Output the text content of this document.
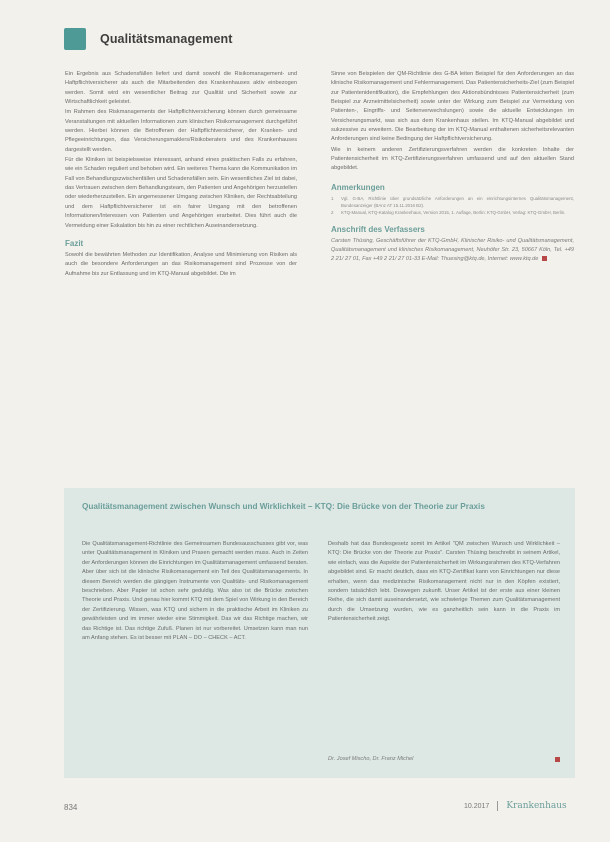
Qualitätsmanagement

Ein Ergebnis aus Schadensfällen liefert und damit sowohl die Risikomanagement- und Haftpflichtversicherer als auch die Mitarbeitenden des Krankenhauses aktiv einbezogen werden. Somit wird ein wesentlicher Beitrag zur Qualität und Sicherheit sowie zur Wirtschaftlichkeit geleistet.

Im Rahmen des Riskmanagements der Haftpflichtversicherung können durch gemeinsame Veranstaltungen mit aktuellen Informationen zum klinischen Risikomanagement durchgeführt werden. Hierbei können die Betroffenen der Haftpflichtversicherer, der Kranken- und Pflegeeinrichtungen, das Versicherungsmaklers/Risikoberaters und des Krankenhauses dargestellt werden.

Für die Kliniken ist beispielsweise interessant, anhand eines praktischen Falls zu erfahren, wie ein Schaden reguliert und behoben wird. Ein weiteres Thema kann die Kommunikation im Fall von Behandlungszwischenfällen und Schadensfällen sein. Ein wesentliches Ziel ist dabei, das Vertrauen zwischen dem Behandlungsteam, den Patienten und Angehörigen herzustellen oder wiederherzustellen. Ein angemessener Umgang zwischen Kliniken, der Rechtsabteilung und dem Haftpflichtversicherer ist ein fairer Umgang mit den betroffenen Informationen/Interessen von Patienten und Angehörigen erarbeitet. Dies führt auch die Vermeidung einer Eskalation bis hin zu einer rechtlichen Auseinandersetzung.

Fazit

Sowohl die bewährten Methoden zur Identifikation, Analyse und Minimierung von Risiken als auch die besondere Anforderungen an das Risikomanagement sind Prozesse von der Aufnahme bis zur Entlassung und im KTQ-Manual abgebildet. Die im

Sinne von Beispielen der QM-Richtlinie des G-BA leiten Beispiel für den Anforderungen an das klinische Risikomanagement und Fehlermanagement. Das Patientensicherheits-Ziel (zum Beispiel zur Patientenidentifikation), die Empfehlungen des Aktionsbündnisses Patientensicherheit (zum Beispiel zur Arzneimittelsicherheit) sowie unter der Wirkung zum Beispiel zur Vermeidung von Patienten-, Eingriffs- und Seitenverwechslungen) sowie die aktuelle Entwicklungen im Versicherungsmarkt, was sich aus dem Krankenhaus stellen. Im KTQ-Manual abgebildet und sukzessive zu erweitern. Die Bearbeitung der im KTQ-Manual enthaltenen sicherheitsrelevanten Anforderungen sind keine Bedingung der Haftpflichtversicherung.

Wie in keinem anderen Zertifizierungsverfahren werden die konkreten Inhalte der Patientensicherheit im KTQ-Zertifizierungsverfahren umfassend und auf den aktuellen Stand abgebildet.

Anmerkungen
1	Vgl. G-BA, Richtlinie über grundsätzliche Anforderungen an ein einrichtungsinternes Qualitätsmanagement, Bundesanzeiger (BAnz AT 15.11.2016 B2).
2	KTQ-Manual, KTQ-Katalog Krankenhaus, Version 2015, 1. Auflage, Berlin: KTQ-GmbH, Verlag: KTQ-GmbH, Berlin.
Anschrift des Verfassers
Carsten Thüsing, Geschäftsführer der KTQ-GmbH, Klinischer Risiko- und Qualitätsmanagement, Qualitätsmanagement und klinisches Risikomanagement, Neuhöfer Str. 23, 50667 Köln, Tel. +49 2 21/ 27 01, Fax +49 2 21/ 27 01-33 E-Mail: Thuesing@ktq.de, Internet: www.ktq.de
Qualitätsmanagement zwischen Wunsch und Wirklichkeit – KTQ: Die Brücke von der Theorie zur Praxis

Die Qualitätsmanagement-Richtlinie des Gemeinsamen Bundesausschusses gibt vor, was unter Qualitätsmanagement in Kliniken und Praxen gemacht werden muss. Auch in Zeiten der Anforderungen können die Einrichtungen im Qualitätsmanagement umfassend beraten. Aber über sich ist die klinische Risikomanagement ein Teil des Qualitätsmanagements. In diesem Bereich werden die gängigen Instrumente von Qualitäts- und Risikomanagement beschrieben. Aber Papier ist schon sehr geduldig. Was also ist die Brücke zwischen Theorie und Praxis. Und genau hier kommt KTQ mit dem Spiel von Wirkung in den Bereich der Zertifizierung. Wissen, was KTQ und sichern in die praktische Arbeit im Kliniken zu gewährleisten und im immer wieder eine Stimmigkeit. Das wir das Richtige machen, wir das Richtige ist. Das richtige Zufuß. Planen ist nur vorbereitet. Umsetzen kann man nun am Anfang stehen. Es ist besser mit PLAN – DO – CHECK – ACT.

Deshalb hat das Bundesgesetz somit im Artikel "QM zwischen Wunsch und Wirklichkeit – KTQ: Die Brücke von der Theorie zur Praxis". Carsten Thüsing beschreibt in seinem Artikel, wie einfach, was die Aspekte der Patientensicherheit im Wirkungsrahmen des KTQ-Verfahren abgebildet sind. Er macht deutlich, dass ein KTQ-Zertifikat kann von Einrichtungen nur diese erhalten, wenn das medizinische Risikomanagement nicht nur in den Köpfen existiert, sondern tatsächlich lebt. Deswegen zukunft. Unser Artikel ist der erste aus einer kleinen Reihe, die sich damit auseinandersetzt, wie schwierige Themen zum Qualitätsmanagement durch die Umsetzung wurden, wie es ganzheitlich sein kann in die Praxis im Patientensicherheit zeigt.

Dr. Josef Mischo, Dr. Franz Michel
834	10.2017 Krankenhaus
